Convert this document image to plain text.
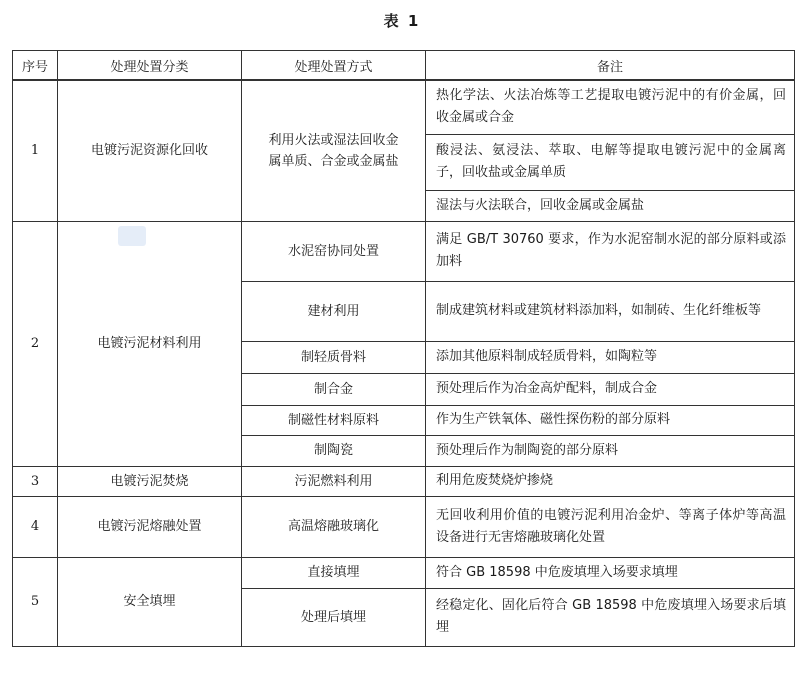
表 1
序号	处理处置分类	处理处置方式	备注
1	电镀污泥资源化回收	利用火法或湿法回收金属单质、合金或金属盐	热化学法、火法冶炼等工艺提取电镀污泥中的有价金属，回收金属或合金
			酸浸法、氨浸法、萃取、电解等提取电镀污泥中的金属离子，回收盐或金属单质
			湿法与火法联合，回收金属或金属盐
2	电镀污泥材料利用	水泥窑协同处置	满足 GB/T 30760 要求，作为水泥窑制水泥的部分原料或添加料
		建材利用	制成建筑材料或建筑材料添加料，如制砖、生化纤维板等
		制轻质骨料	添加其他原料制成轻质骨料，如陶粒等
		制合金	预处理后作为冶金高炉配料，制成合金
		制磁性材料原料	作为生产铁氧体、磁性探伤粉的部分原料
		制陶瓷	预处理后作为制陶瓷的部分原料
3	电镀污泥焚烧	污泥燃料利用	利用危废焚烧炉掺烧
4	电镀污泥熔融处置	高温熔融玻璃化	无回收利用价值的电镀污泥利用冶金炉、等离子体炉等高温设备进行无害熔融玻璃化处置
5	安全填埋	直接填埋	符合 GB 18598 中危废填埋入场要求填埋
		处理后填埋	经稳定化、固化后符合 GB 18598 中危废填埋入场要求后填埋
